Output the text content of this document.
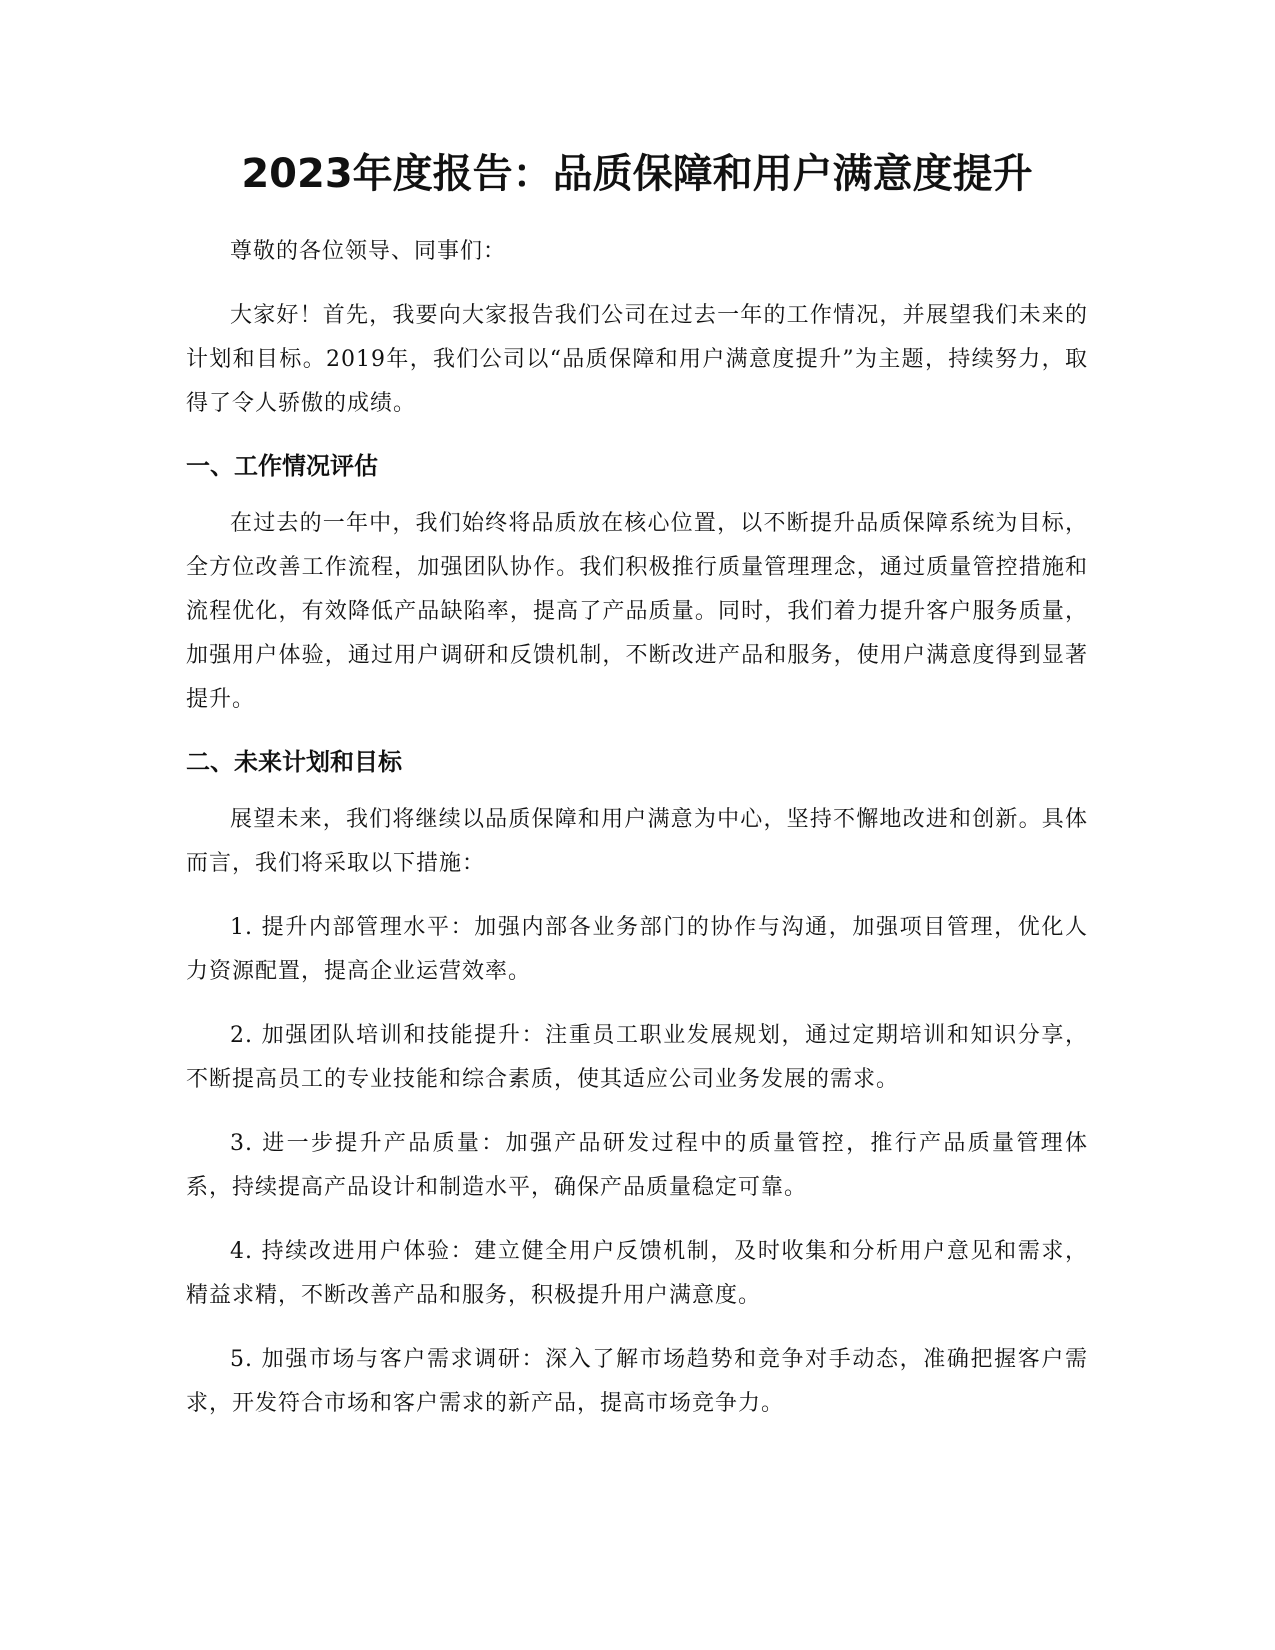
2023年度报告：品质保障和用户满意度提升

尊敬的各位领导、同事们：

大家好！首先，我要向大家报告我们公司在过去一年的工作情况，并展望我们未来的计划和目标。2019年，我们公司以“品质保障和用户满意度提升”为主题，持续努力，取得了令人骄傲的成绩。

一、工作情况评估

在过去的一年中，我们始终将品质放在核心位置，以不断提升品质保障系统为目标，全方位改善工作流程，加强团队协作。我们积极推行质量管理理念，通过质量管控措施和流程优化，有效降低产品缺陷率，提高了产品质量。同时，我们着力提升客户服务质量，加强用户体验，通过用户调研和反馈机制，不断改进产品和服务，使用户满意度得到显著提升。

二、未来计划和目标

展望未来，我们将继续以品质保障和用户满意为中心，坚持不懈地改进和创新。具体而言，我们将采取以下措施：

1. 提升内部管理水平：加强内部各业务部门的协作与沟通，加强项目管理，优化人力资源配置，提高企业运营效率。

2. 加强团队培训和技能提升：注重员工职业发展规划，通过定期培训和知识分享，不断提高员工的专业技能和综合素质，使其适应公司业务发展的需求。

3. 进一步提升产品质量：加强产品研发过程中的质量管控，推行产品质量管理体系，持续提高产品设计和制造水平，确保产品质量稳定可靠。

4. 持续改进用户体验：建立健全用户反馈机制，及时收集和分析用户意见和需求，精益求精，不断改善产品和服务，积极提升用户满意度。

5. 加强市场与客户需求调研：深入了解市场趋势和竞争对手动态，准确把握客户需求，开发符合市场和客户需求的新产品，提高市场竞争力。
